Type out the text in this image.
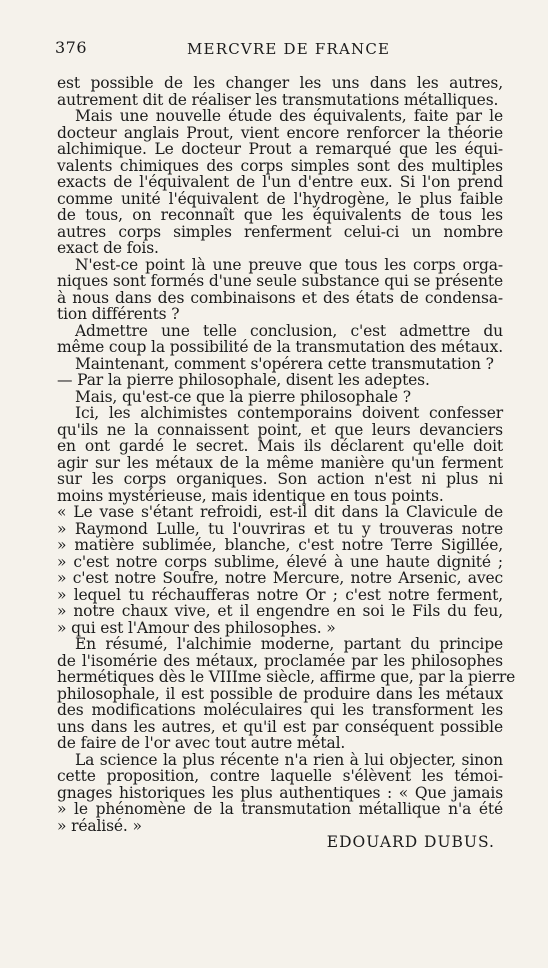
376	MERCVRE DE FRANCE
est possible de les changer les uns dans les autres,
autrement dit de réaliser les transmutations métalliques.
Mais une nouvelle étude des équivalents, faite par le
docteur anglais Prout, vient encore renforcer la théorie
alchimique. Le docteur Prout a remarqué que les équi-
valents chimiques des corps simples sont des multiples
exacts de l'équivalent de l'un d'entre eux. Si l'on prend
comme unité l'équivalent de l'hydrogène, le plus faible
de tous, on reconnaît que les équivalents de tous les
autres corps simples renferment celui-ci un nombre
exact de fois.
N'est-ce point là une preuve que tous les corps orga-
niques sont formés d'une seule substance qui se présente
à nous dans des combinaisons et des états de condensa-
tion différents ?
Admettre une telle conclusion, c'est admettre du
même coup la possibilité de la transmutation des métaux.
Maintenant, comment s'opérera cette transmutation ?
— Par la pierre philosophale, disent les adeptes.
Mais, qu'est-ce que la pierre philosophale ?
Ici, les alchimistes contemporains doivent confesser
qu'ils ne la connaissent point, et que leurs devanciers
en ont gardé le secret. Mais ils déclarent qu'elle doit
agir sur les métaux de la même manière qu'un ferment
sur les corps organiques. Son action n'est ni plus ni
moins mystérieuse, mais identique en tous points.
« Le vase s'étant refroidi, est-il dit dans la Clavicule de
» Raymond Lulle, tu l'ouvriras et tu y trouveras notre
» matière sublimée, blanche, c'est notre Terre Sigillée,
» c'est notre corps sublime, élevé à une haute dignité ;
» c'est notre Soufre, notre Mercure, notre Arsenic, avec
» lequel tu réchaufferas notre Or ; c'est notre ferment,
» notre chaux vive, et il engendre en soi le Fils du feu,
» qui est l'Amour des philosophes. »
En résumé, l'alchimie moderne, partant du principe
de l'isomérie des métaux, proclamée par les philosophes
hermétiques dès le VIIIme siècle, affirme que, par la pierre
philosophale, il est possible de produire dans les métaux
des modifications moléculaires qui les transforment les
uns dans les autres, et qu'il est par conséquent possible
de faire de l'or avec tout autre métal.
La science la plus récente n'a rien à lui objecter, sinon
cette proposition, contre laquelle s'élèvent les témoi-
gnages historiques les plus authentiques : « Que jamais
» le phénomène de la transmutation métallique n'a été
» réalisé. »
EDOUARD DUBUS.
